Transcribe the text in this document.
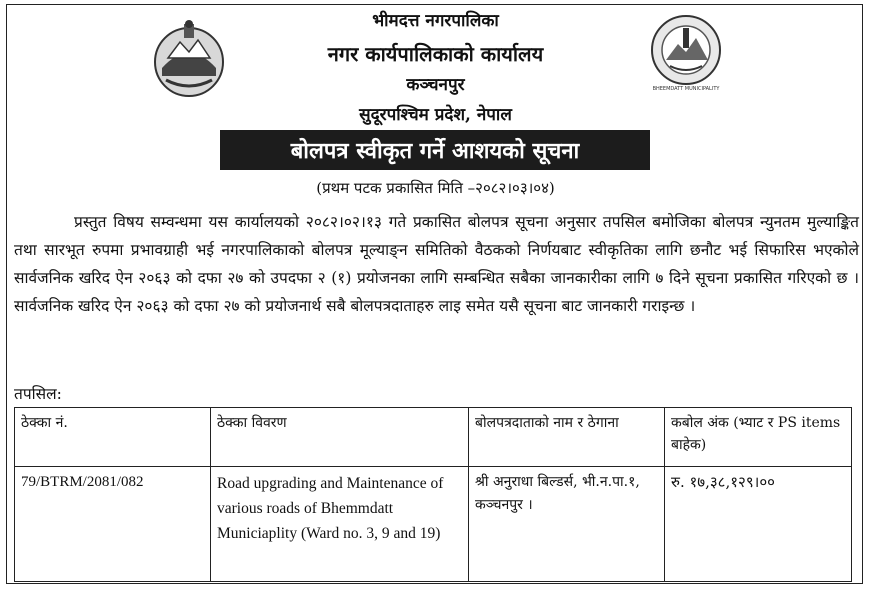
BHEEMDATT MUNICIPALITY
भीमदत्त नगरपालिका
नगर कार्यपालिकाको कार्यालय
कञ्चनपुर
सुदूरपश्चिम प्रदेश, नेपाल
बोलपत्र स्वीकृत गर्ने आशयको सूचना
(प्रथम पटक प्रकासित मिति –२०८२।०३।०४)
प्रस्तुत विषय सम्वन्धमा यस कार्यालयको २०८२।०२।१३ गते प्रकासित बोलपत्र सूचना अनुसार तपसिल बमोजिका बोलपत्र न्युनतम मुल्याङ्कित तथा सारभूत रुपमा प्रभावग्राही भई नगरपालिकाको बोलपत्र मूल्याङ्न समितिको वैठकको निर्णयबाट स्वीकृतिका लागि छनौट भई सिफारिस भएकोले सार्वजनिक खरिद ऐन २०६३ को दफा २७ को उपदफा २ (१) प्रयोजनका लागि सम्बन्धित सबैका जानकारीका लागि ७ दिने सूचना प्रकासित गरिएको छ । सार्वजनिक खरिद ऐन २०६३ को दफा २७ को प्रयोजनार्थ सबै बोलपत्रदाताहरु लाइ समेत यसै सूचना बाट जानकारी गराइन्छ ।
तपसिल:
ठेक्का नं.	ठेक्का विवरण	बोलपत्रदाताको नाम र ठेगाना	कबोल अंक (भ्याट र PS items बाहेक)
79/BTRM/2081/082	Road upgrading and Maintenance of various roads of Bhemmdatt Municiaplity (Ward no. 3, 9 and 19)	श्री अनुराधा बिल्डर्स, भी.न.पा.१, कञ्चनपुर ।	रु. १७,३८,१२९।००
